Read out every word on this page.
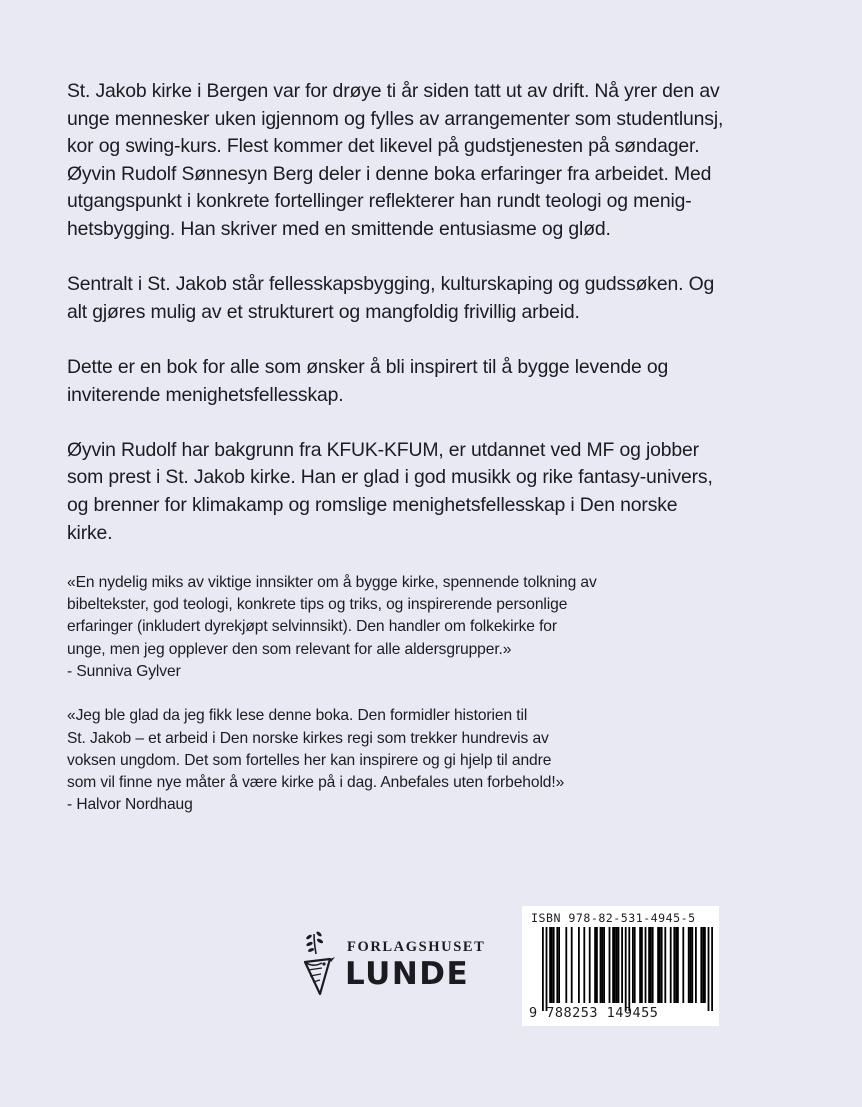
St. Jakob kirke i Bergen var for drøye ti år siden tatt ut av drift. Nå yrer den av
unge mennesker uken igjennom og fylles av arrangementer som studentlunsj,
kor og swing-kurs. Flest kommer det likevel på gudstjenesten på søndager.
Øyvin Rudolf Sønnesyn Berg deler i denne boka erfaringer fra arbeidet. Med
utgangspunkt i konkrete fortellinger reflekterer han rundt teologi og menig-
hetsbygging. Han skriver med en smittende entusiasme og glød.

Sentralt i St. Jakob står fellesskapsbygging, kulturskaping og gudssøken. Og
alt gjøres mulig av et strukturert og mangfoldig frivillig arbeid.

Dette er en bok for alle som ønsker å bli inspirert til å bygge levende og
inviterende menighetsfellesskap.

Øyvin Rudolf har bakgrunn fra KFUK-KFUM, er utdannet ved MF og jobber
som prest i St. Jakob kirke. Han er glad i god musikk og rike fantasy-univers,
og brenner for klimakamp og romslige menighetsfellesskap i Den norske kirke.

«En nydelig miks av viktige innsikter om å bygge kirke, spennende tolkning av
bibeltekster, god teologi, konkrete tips og triks, og inspirerende personlige
erfaringer (inkludert dyrekjøpt selvinnsikt). Den handler om folkekirke for
unge, men jeg opplever den som relevant for alle aldersgrupper.»
- Sunniva Gylver
«Jeg ble glad da jeg fikk lese denne boka. Den formidler historien til
St. Jakob – et arbeid i Den norske kirkes regi som trekker hundrevis av
voksen ungdom. Det som fortelles her kan inspirere og gi hjelp til andre
som vil finne nye måter å være kirke på i dag. Anbefales uten forbehold!»
- Halvor Nordhaug
FORLAGSHUSET
LUNDE
ISBN 978-82-531-4945-5
9 788253 149455
